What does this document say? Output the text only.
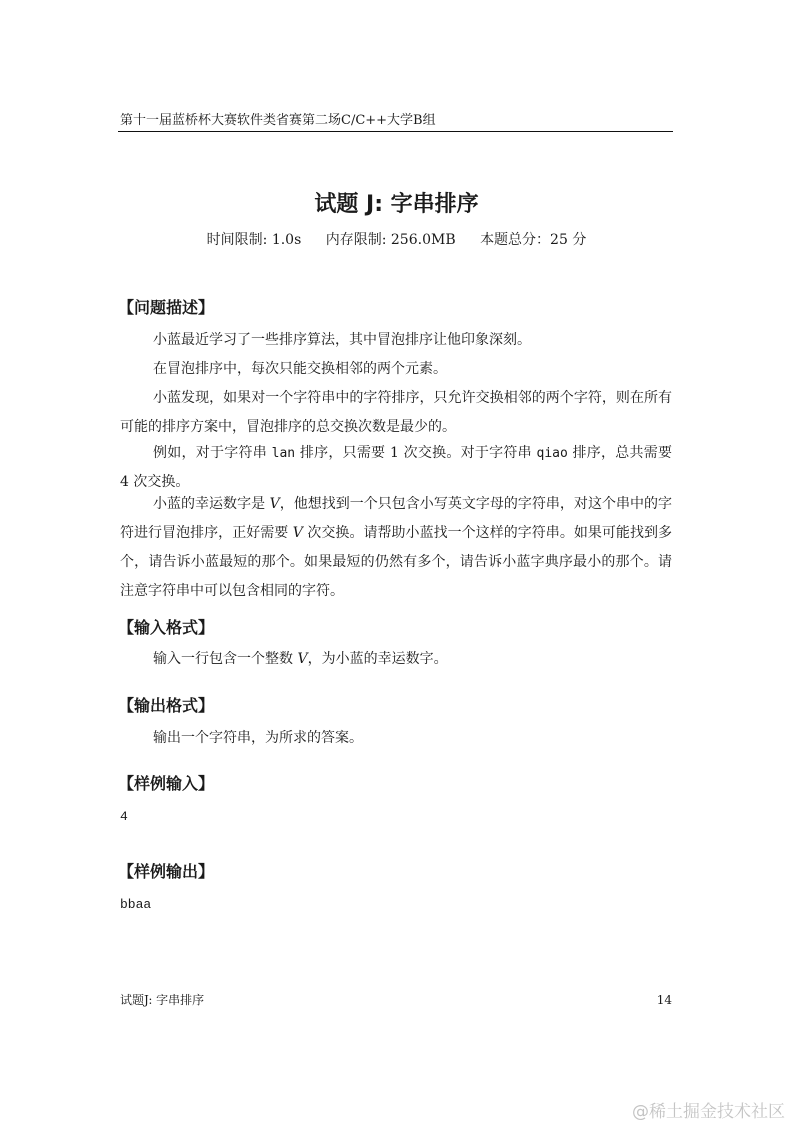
第十一届蓝桥杯大赛软件类省赛第二场C/C++大学B组
试题 J: 字串排序
时间限制: 1.0s 内存限制: 256.0MB 本题总分：25 分
【问题描述】
小蓝最近学习了一些排序算法，其中冒泡排序让他印象深刻。
在冒泡排序中，每次只能交换相邻的两个元素。
小蓝发现，如果对一个字符串中的字符排序，只允许交换相邻的两个字符，则在所有可能的排序方案中，冒泡排序的总交换次数是最少的。
例如，对于字符串 lan 排序，只需要 1 次交换。对于字符串 qiao 排序，总共需要 4 次交换。
小蓝的幸运数字是 V，他想找到一个只包含小写英文字母的字符串，对这个串中的字符进行冒泡排序，正好需要 V 次交换。请帮助小蓝找一个这样的字符串。如果可能找到多个，请告诉小蓝最短的那个。如果最短的仍然有多个，请告诉小蓝字典序最小的那个。请注意字符串中可以包含相同的字符。
【输入格式】
输入一行包含一个整数 V，为小蓝的幸运数字。
【输出格式】
输出一个字符串，为所求的答案。
【样例输入】
4
【样例输出】
bbaa
试题J: 字串排序	14
@稀土掘金技术社区
